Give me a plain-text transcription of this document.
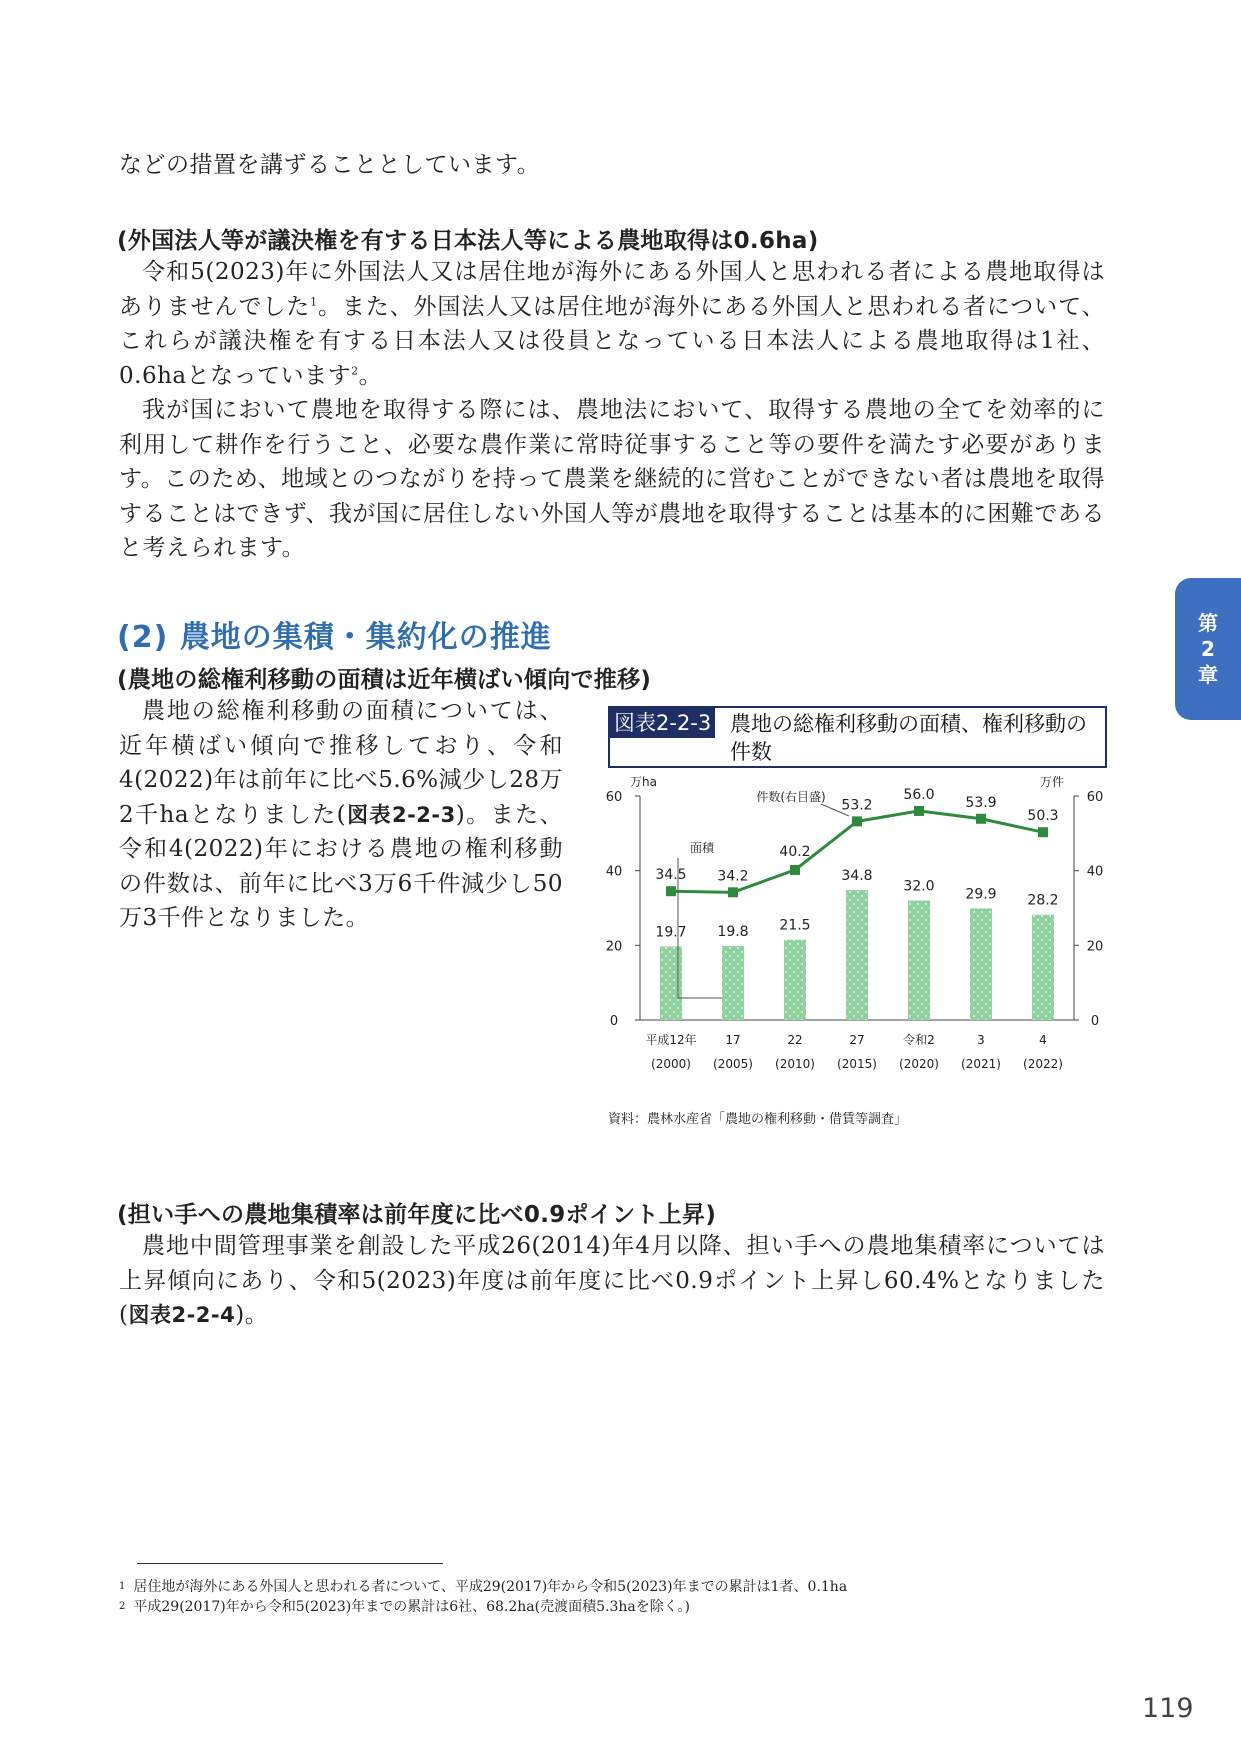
などの措置を講ずることとしています。

(外国法人等が議決権を有する日本法人等による農地取得は0.6ha)

令和5(2023)年に外国法人又は居住地が海外にある外国人と思われる者による農地取得はありませんでした$^1$。また、外国法人又は居住地が海外にある外国人と思われる者について、これらが議決権を有する日本法人又は役員となっている日本法人による農地取得は1社、0.6haとなっています$^2$。

我が国において農地を取得する際には、農地法において、取得する農地の全てを効率的に利用して耕作を行うこと、必要な農作業に常時従事すること等の要件を満たす必要があります。このため、地域とのつながりを持って農業を継続的に営むことができない者は農地を取得することはできず、我が国に居住しない外国人等が農地を取得することは基本的に困難であると考えられます。

(2) 農地の集積・集約化の推進
(農地の総権利移動の面積は近年横ばい傾向で推移)

農地の総権利移動の面積については、近年横ばい傾向で推移しており、令和4(2022)年は前年に比べ5.6%減少し28万2千haとなりました(図表2-2-3)。また、令和4(2022)年における農地の権利移動の件数は、前年に比べ3万6千件減少し50万3千件となりました。

第
2
章
図表2-2-3 農地の総権利移動の面積、権利移動の件数
0	0
20	20
40	40
60	60
万ha	万件
19.7 19.8 21.5
34.8
32.0 29.9 28.2
34.5 34.2
40.2
53.2
56.0 53.9
50.3
面積
件数(右目盛)
平成12年
(2000)
17
(2005)
22
(2010)
27
(2015)
令和2
(2020)
3
(2021)
4
(2022)
資料：農林水産省「農地の権利移動・借賃等調査」
(担い手への農地集積率は前年度に比べ0.9ポイント上昇)

農地中間管理事業を創設した平成26(2014)年4月以降、担い手への農地集積率については上昇傾向にあり、令和5(2023)年度は前年度に比べ0.9ポイント上昇し60.4%となりました(図表2-2-4)。

$^1$ 居住地が海外にある外国人と思われる者について、平成29(2017)年から令和5(2023)年までの累計は1者、0.1ha

$^2$ 平成29(2017)年から令和5(2023)年までの累計は6社、68.2ha(売渡面積5.3haを除く。)

119
